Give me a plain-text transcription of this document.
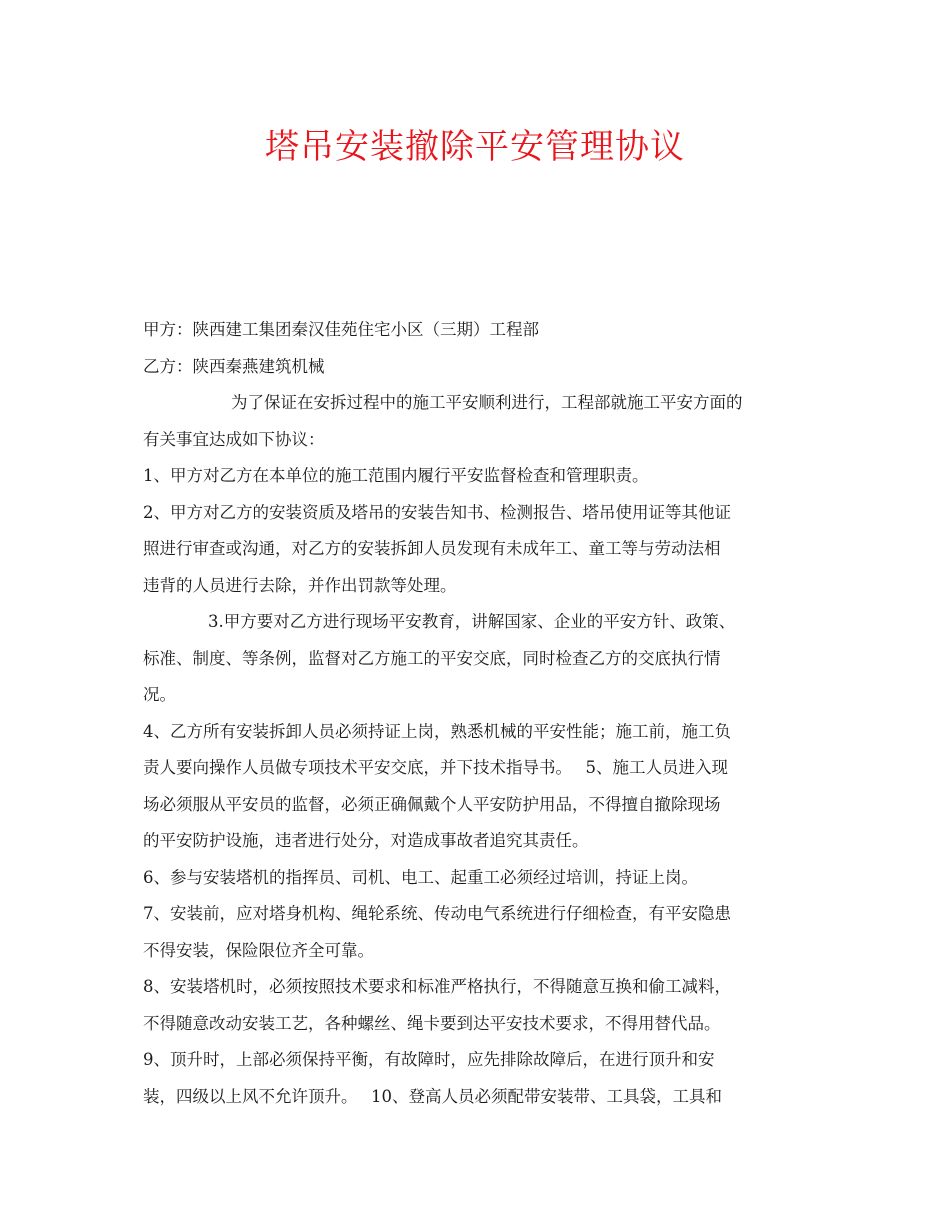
塔吊安装撤除平安管理协议
甲方：陕西建工集团秦汉佳苑住宅小区（三期）工程部
乙方：陕西秦燕建筑机械
为了保证在安拆过程中的施工平安顺利进行，工程部就施工平安方面的
有关事宜达成如下协议：
1、甲方对乙方在本单位的施工范围内履行平安监督检查和管理职责。
2、甲方对乙方的安装资质及塔吊的安装告知书、检测报告、塔吊使用证等其他证
照进行审查或沟通，对乙方的安装拆卸人员发现有未成年工、童工等与劳动法相
违背的人员进行去除，并作出罚款等处理。
3.甲方要对乙方进行现场平安教育，讲解国家、企业的平安方针、政策、
标准、制度、等条例，监督对乙方施工的平安交底，同时检查乙方的交底执行情
况。
4、乙方所有安装拆卸人员必须持证上岗，熟悉机械的平安性能；施工前，施工负
责人要向操作人员做专项技术平安交底，并下技术指导书。　 5、施工人员进入现
场必须服从平安员的监督，必须正确佩戴个人平安防护用品，不得擅自撤除现场
的平安防护设施，违者进行处分，对造成事故者追究其责任。
6、参与安装塔机的指挥员、司机、电工、起重工必须经过培训，持证上岗。
7、安装前，应对塔身机构、绳轮系统、传动电气系统进行仔细检查，有平安隐患
不得安装，保险限位齐全可靠。
8、安装塔机时，必须按照技术要求和标准严格执行，不得随意互换和偷工减料，
不得随意改动安装工艺，各种螺丝、绳卡要到达平安技术要求，不得用替代品。
9、顶升时，上部必须保持平衡，有故障时，应先排除故障后，在进行顶升和安
装，四级以上风不允许顶升。　 10、登高人员必须配带安装带、工具袋，工具和
